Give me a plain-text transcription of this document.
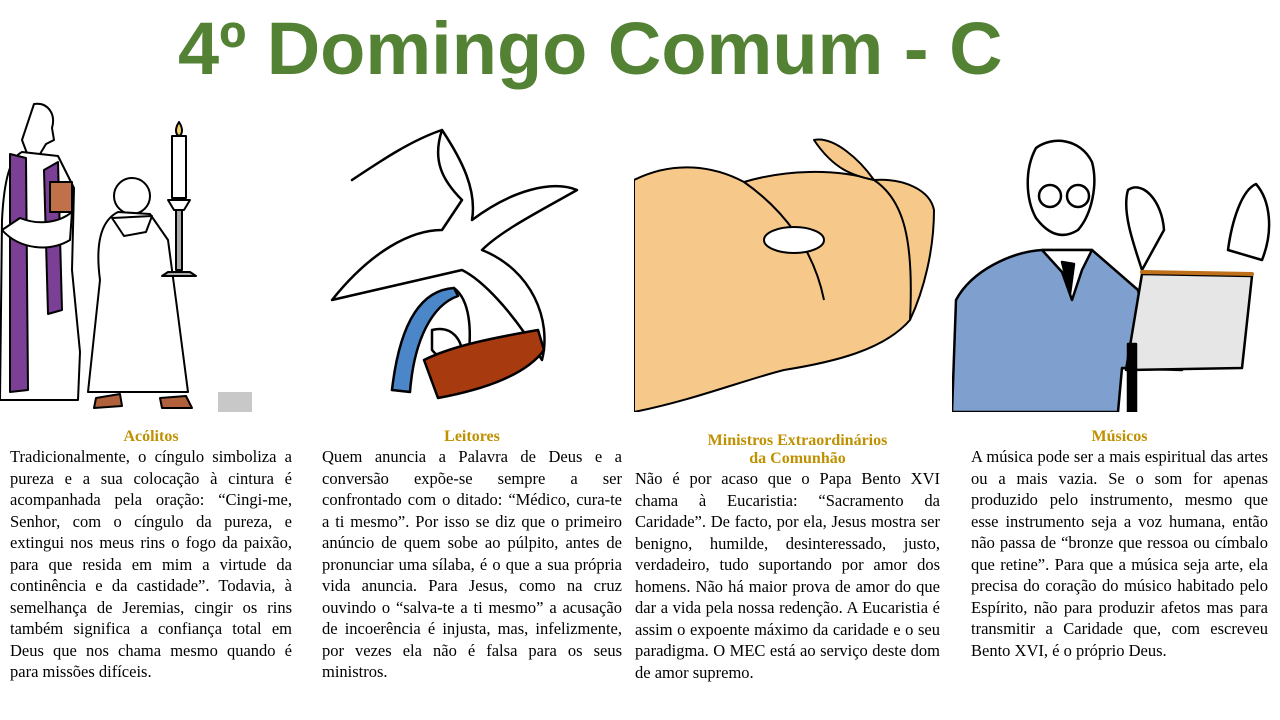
4º Domingo Comum - C
Acólitos
Tradicionalmente, o cíngulo simboliza a pureza e a sua colocação à cintura é acompanhada pela oração: “Cingi-me, Senhor, com o cíngulo da pureza, e extingui nos meus rins o fogo da paixão, para que resida em mim a virtude da continência e da castidade”. Todavia, à semelhança de Jeremias, cingir os rins também significa a confiança total em Deus que nos chama mesmo quando é para missões difíceis.
Leitores
Quem anuncia a Palavra de Deus e a conversão expõe-se sempre a ser confrontado com o ditado: “Médico, cura-te a ti mesmo”. Por isso se diz que o primeiro anúncio de quem sobe ao púlpito, antes de pronunciar uma sílaba, é o que a sua própria vida anuncia. Para Jesus, como na cruz ouvindo o “salva-te a ti mesmo” a acusação de incoerência é injusta, mas, infelizmente, por vezes ela não é falsa para os seus ministros.
Ministros Extraordinários
da Comunhão
Não é por acaso que o Papa Bento XVI chama à Eucaristia: “Sacramento da Caridade”. De facto, por ela, Jesus mostra ser benigno, humilde, desinteressado, justo, verdadeiro, tudo suportando por amor dos homens. Não há maior prova de amor do que dar a vida pela nossa redenção. A Eucaristia é assim o expoente máximo da caridade e o seu paradigma. O MEC está ao serviço deste dom de amor supremo.
Músicos
A música pode ser a mais espiritual das artes ou a mais vazia. Se o som for apenas produzido pelo instrumento, mesmo que esse instrumento seja a voz humana, então não passa de “bronze que ressoa ou címbalo que retine”. Para que a música seja arte, ela precisa do coração do músico habitado pelo Espírito, não para produzir afetos mas para transmitir a Caridade que, com escreveu Bento XVI, é o próprio Deus.
